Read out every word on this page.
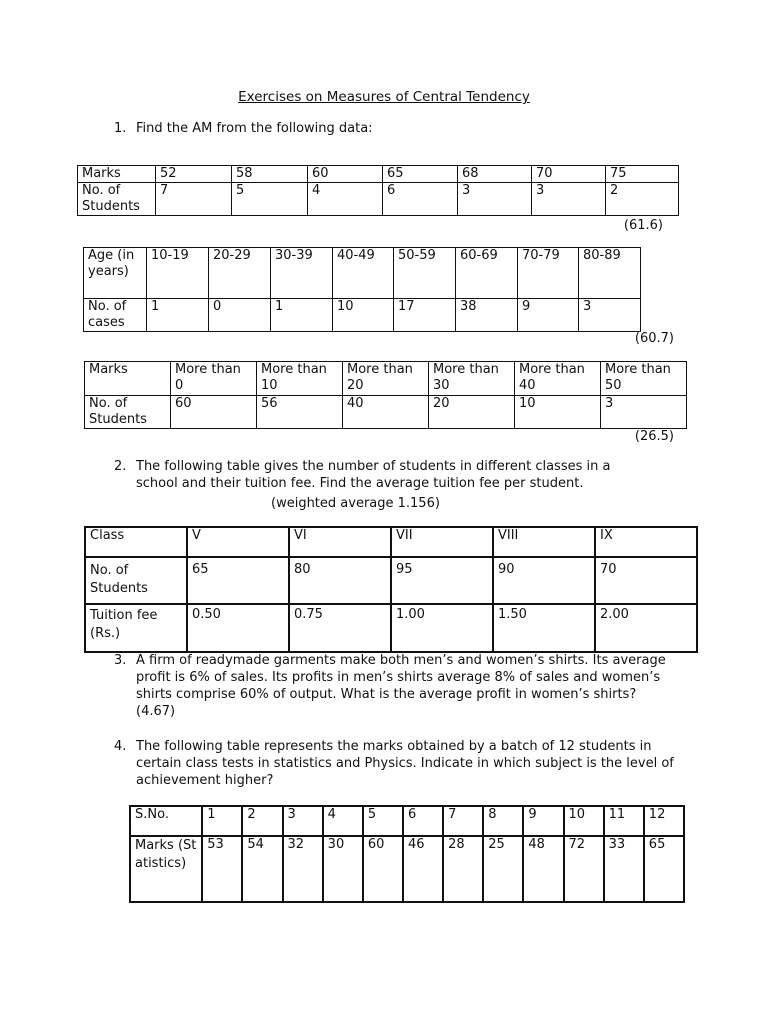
Exercises on Measures of Central Tendency
1. Find the AM from the following data:
Marks	52	58	60	65	68	70	75
No. of Students	7	5	4	6	3	3	2
(61.6)
Age (in years)	10-19	20-29	30-39	40-49	50-59	60-69	70-79	80-89
No. of cases	1	0	1	10	17	38	9	3
(60.7)
Marks	More than 0	More than 10	More than 20	More than 30	More than 40	More than 50
No. of Students	60	56	40	20	10	3
(26.5)
2. The following table gives the number of students in different classes in a school and their tuition fee. Find the average tuition fee per student.
(weighted average 1.156)
Class	V	VI	VII	VIII	IX
No. of Students	65	80	95	90	70
Tuition fee (Rs.)	0.50	0.75	1.00	1.50	2.00
3. A firm of readymade garments make both men’s and women’s shirts. Its average profit is 6% of sales. Its profits in men’s shirts average 8% of sales and women’s shirts comprise 60% of output. What is the average profit in women’s shirts? (4.67)
4. The following table represents the marks obtained by a batch of 12 students in certain class tests in statistics and Physics. Indicate in which subject is the level of achievement higher?
S.No.	1	2	3	4	5	6	7	8	9	10	11	12
Marks (Statistics)	53	54	32	30	60	46	28	25	48	72	33	65
